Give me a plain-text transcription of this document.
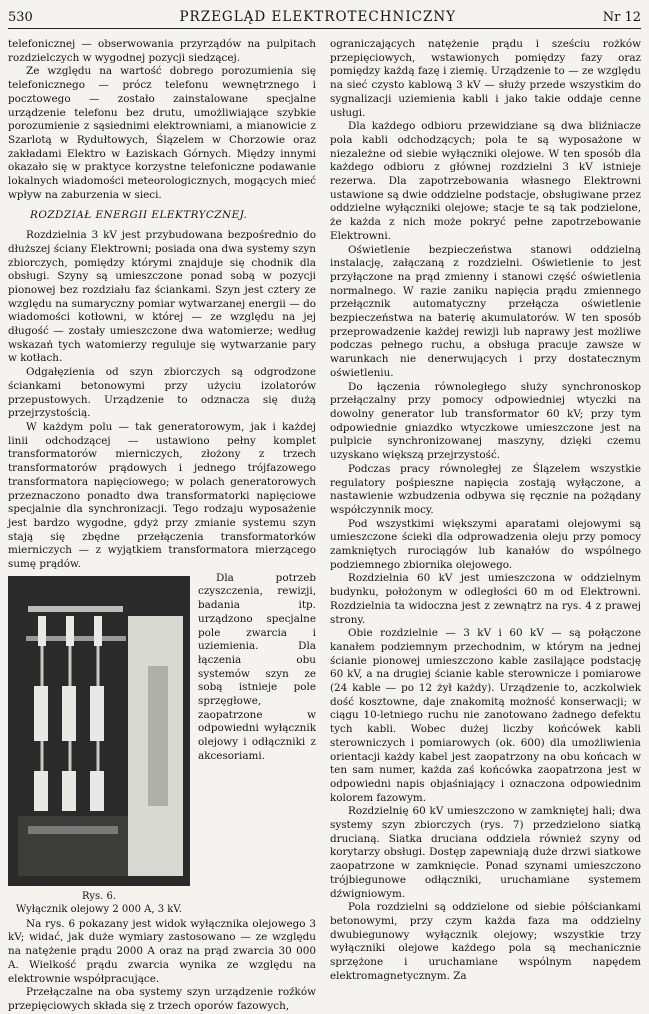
530	PRZEGLĄD ELEKTROTECHNICZNY	Nr 12

telefonicznej — obserwowania przyrządów na pulpitach rozdzielczych w wygodnej pozycji siedzącej.

Ze względu na wartość dobrego porozumienia się telefonicznego — prócz telefonu wewnętrznego i pocztowego — zostało zainstalowane specjalne urządzenie telefonu bez drutu, umożliwiające szybkie porozumienie z sąsiednimi elektrowniami, a mianowicie z Szarlotą w Rydułtowych, Ślązelem w Chorzowie oraz zakładami Elektro w Łaziskach Górnych. Między innymi okazało się w praktyce korzystne telefoniczne podawanie lokalnych wiadomości meteorologicznych, mogących mieć wpływ na zaburzenia w sieci.

ROZDZIAŁ ENERGII ELEKTRYCZNEJ.

Rozdzielnia 3 kV jest przybudowana bezpośrednio do dłuższej ściany Elektrowni; posiada ona dwa systemy szyn zbiorczych, pomiędzy którymi znajduje się chodnik dla obsługi. Szyny są umieszczone ponad sobą w pozycji pionowej bez rozdziału faz ściankami. Szyn jest cztery ze względu na sumaryczny pomiar wytwarzanej energii — do wiadomości kotłowni, w której — ze względu na jej długość — zostały umieszczone dwa watomierze; według wskazań tych watomierzy reguluje się wytwarzanie pary w kotłach.

Odgałęzienia od szyn zbiorczych są odgrodzone ściankami betonowymi przy użyciu izolatorów przepustowych. Urządzenie to odznacza się dużą przejrzystością.

W każdym polu — tak generatorowym, jak i każdej linii odchodzącej — ustawiono pełny komplet transformatorów mierniczych, złożony z trzech transformatorów prądowych i jednego trójfazowego transformatora napięciowego; w polach generatorowych przeznaczono ponadto dwa transformatorki napięciowe specjalnie dla synchronizacji. Tego rodzaju wyposażenie jest bardzo wygodne, gdyż przy zmianie systemu szyn stają się zbędne przełączenia transformatorków mierniczych — z wyjątkiem transformatora mierzącego sumę prądów.

Rys. 6.
Wyłącznik olejowy 2 000 A, 3 kV.

Dla potrzeb czyszczenia, rewizji, badania itp. urządzono specjalne pole zwarcia i uziemienia. Dla łączenia obu systemów szyn ze sobą istnieje pole sprzęgłowe, zaopatrzone w odpowiedni wyłącznik olejowy i odłączniki z akcesoriami.

Na rys. 6 pokazany jest widok wyłącznika olejowego 3 kV; widać, jak duże wymiary zastosowano — ze względu na natężenie prądu 2000 A oraz na prąd zwarcia 30 000 A. Wielkość prądu zwarcia wynika ze względu na elektrownie współpracujące.

Przełączalne na oba systemy szyn urządzenie roźków przepięciowych składa się z trzech oporów fazowych,

ograniczających natężenie prądu i sześciu rożków przepięciowych, wstawionych pomiędzy fazy oraz pomiędzy każdą fazę i ziemię. Urządzenie to — ze względu na sieć czysto kablową 3 kV — służy przede wszystkim do sygnalizacji uziemienia kabli i jako takie oddaje cenne usługi.

Dla każdego odbioru przewidziane są dwa bliźniacze pola kabli odchodzących; pola te są wyposażone w niezależne od siebie wyłączniki olejowe. W ten sposób dla każdego odbioru z głównej rozdzielni 3 kV istnieje rezerwa. Dla zapotrzebowania własnego Elektrowni ustawione są dwie oddzielne podstacje, obsługiwane przez oddzielne wyłączniki olejowe; stacje te są tak podzielone, że każda z nich może pokryć pełne zapotrzebowanie Elektrowni.

Oświetlenie bezpieczeństwa stanowi oddzielną instalację, załączaną z rozdzielni. Oświetlenie to jest przyłączone na prąd zmienny i stanowi część oświetlenia normalnego. W razie zaniku napięcia prądu zmiennego przełącznik automatyczny przełącza oświetlenie bezpieczeństwa na baterię akumulatorów. W ten sposób przeprowadzenie każdej rewizji lub naprawy jest możliwe podczas pełnego ruchu, a obsługa pracuje zawsze w warunkach nie denerwujących i przy dostatecznym oświetleniu.

Do łączenia równoległego służy synchronoskop przełączalny przy pomocy odpowiedniej wtyczki na dowolny generator lub transformator 60 kV; przy tym odpowiednie gniazdko wtyczkowe umieszczone jest na pulpicie synchronizowanej maszyny, dzięki czemu uzyskano większą przejrzystość.

Podczas pracy równoległej ze Ślązelem wszystkie regulatory pośpieszne napięcia zostają wyłączone, a nastawienie wzbudzenia odbywa się ręcznie na pożądany współczynnik mocy.

Pod wszystkimi większymi aparatami olejowymi są umieszczone ścieki dla odprowadzenia oleju przy pomocy zamkniętych rurociągów lub kanałów do wspólnego podziemnego zbiornika olejowego.

Rozdzielnia 60 kV jest umieszczona w oddzielnym budynku, położonym w odległości 60 m od Elektrowni. Rozdzielnia ta widoczna jest z zewnątrz na rys. 4 z prawej strony.

Obie rozdzielnie — 3 kV i 60 kV — są połączone kanałem podziemnym przechodnim, w którym na jednej ścianie pionowej umieszczono kable zasilające podstację 60 kV, a na drugiej ścianie kable sterownicze i pomiarowe (24 kable — po 12 żył każdy). Urządzenie to, aczkolwiek dość kosztowne, daje znakomitą możność konserwacji; w ciągu 10-letniego ruchu nie zanotowano żadnego defektu tych kabli. Wobec dużej liczby końcówek kabli sterowniczych i pomiarowych (ok. 600) dla umożliwienia orientacji każdy kabel jest zaopatrzony na obu końcach w ten sam numer, każda zaś końcówka zaopatrzona jest w odpowiedni napis objaśniający i oznaczona odpowiednim kolorem fazowym.

Rozdzielnię 60 kV umieszczono w zamkniętej hali; dwa systemy szyn zbiorczych (rys. 7) przedzielono siatką drucianą. Siatka druciana oddziela również szyny od korytarzy obsługi. Dostęp zapewniają duże drzwi siatkowe zaopatrzone w zamknięcie. Ponad szynami umieszczono trójbiegunowe odłączniki, uruchamiane systemem dźwigniowym.

Pola rozdzielni są oddzielone od siebie półściankami betonowymi, przy czym każda faza ma oddzielny dwubiegunowy wyłącznik olejowy; wszystkie trzy wyłączniki olejowe każdego pola są mechanicznie sprzężone i uruchamiane wspólnym napędem elektromagnetycznym. Za
